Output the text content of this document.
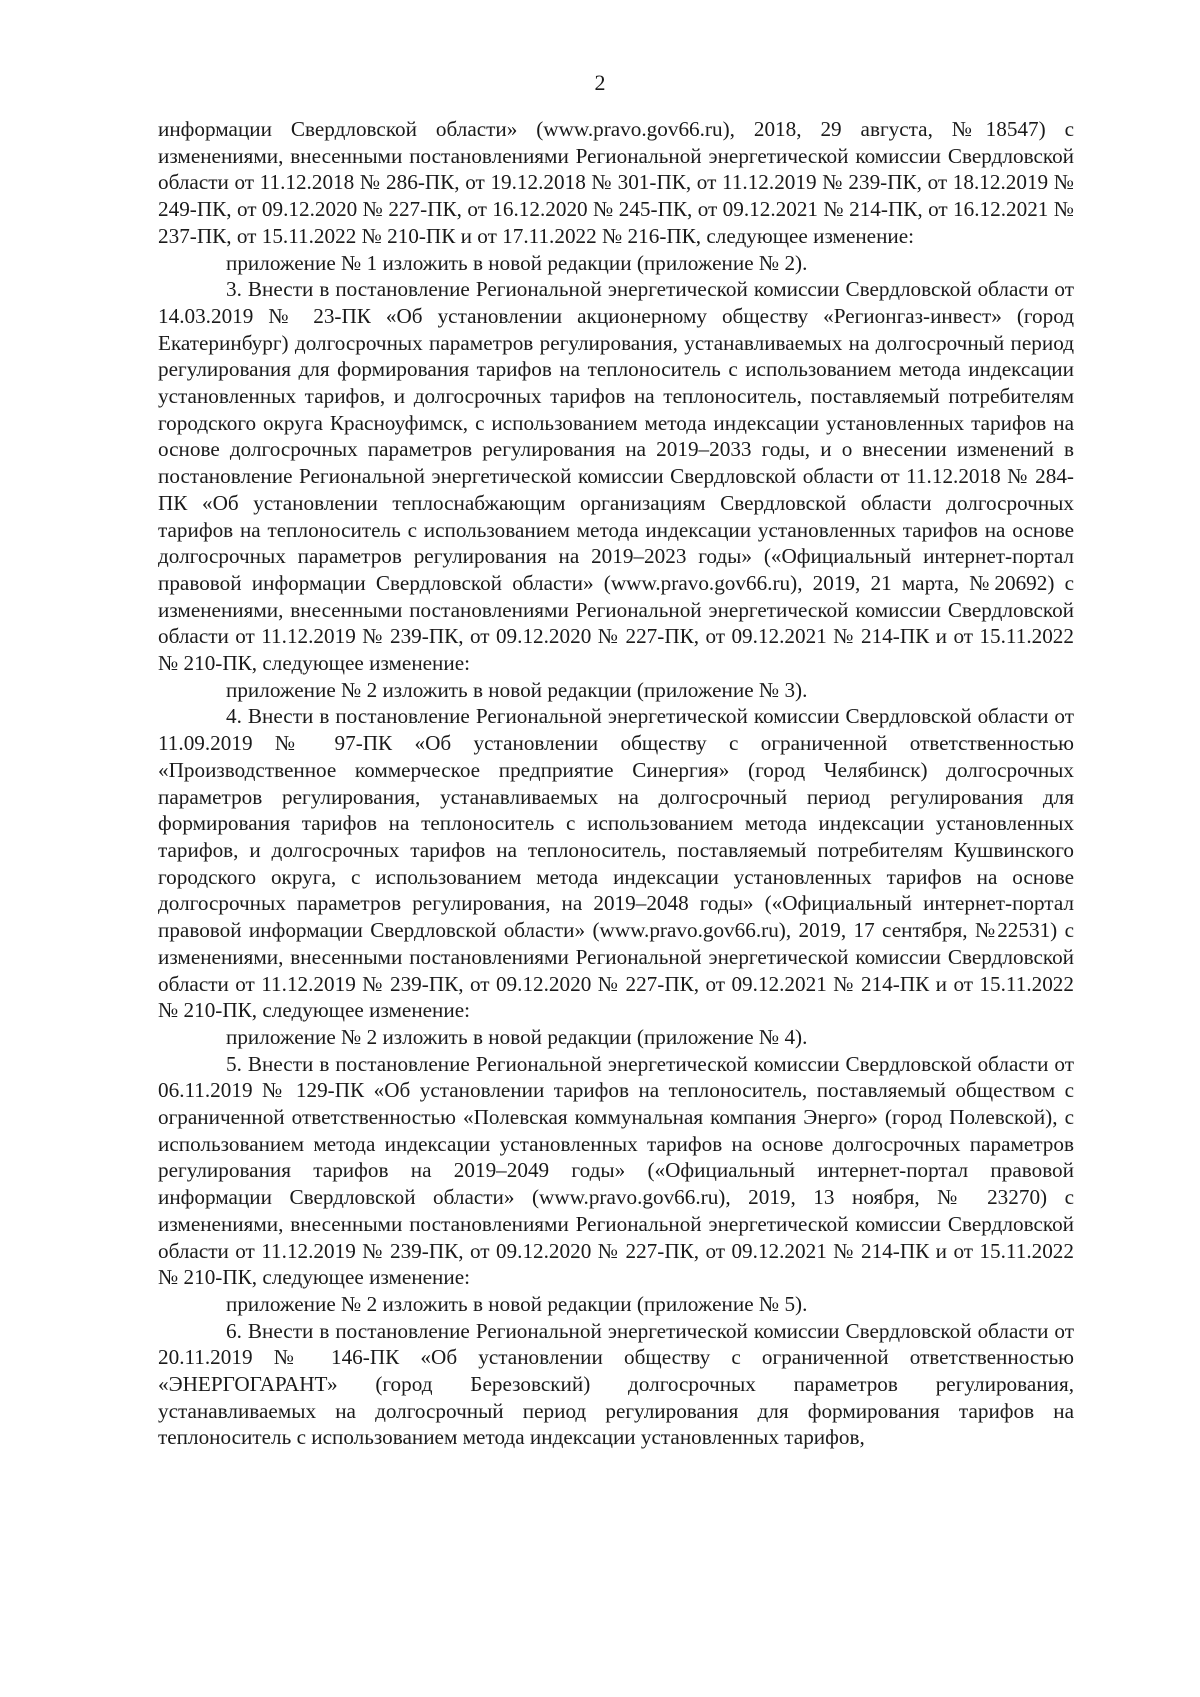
2

информации Свердловской области» (www.pravo.gov66.ru), 2018, 29 августа, №18547) с изменениями, внесенными постановлениями Региональной энергетической комиссии Свердловской области от 11.12.2018 № 286-ПК, от 19.12.2018 № 301-ПК, от 11.12.2019 № 239-ПК, от 18.12.2019 № 249-ПК, от 09.12.2020 № 227-ПК, от 16.12.2020 № 245-ПК, от 09.12.2021 № 214-ПК, от 16.12.2021 № 237-ПК, от 15.11.2022 № 210-ПК и от 17.11.2022 № 216-ПК, следующее изменение:

приложение № 1 изложить в новой редакции (приложение № 2).

3. Внести в постановление Региональной энергетической комиссии Свердловской области от 14.03.2019 № 23-ПК «Об установлении акционерному обществу «Регионгаз-инвест» (город Екатеринбург) долгосрочных параметров регулирования, устанавливаемых на долгосрочный период регулирования для формирования тарифов на теплоноситель с использованием метода индексации установленных тарифов, и долгосрочных тарифов на теплоноситель, поставляемый потребителям городского округа Красноуфимск, с использованием метода индексации установленных тарифов на основе долгосрочных параметров регулирования на 2019–2033 годы, и о внесении изменений в постановление Региональной энергетической комиссии Свердловской области от 11.12.2018 № 284-ПК «Об установлении теплоснабжающим организациям Свердловской области долгосрочных тарифов на теплоноситель с использованием метода индексации установленных тарифов на основе долгосрочных параметров регулирования на 2019–2023 годы» («Официальный интернет-портал правовой информации Свердловской области» (www.pravo.gov66.ru), 2019, 21 марта, №20692) с изменениями, внесенными постановлениями Региональной энергетической комиссии Свердловской области от 11.12.2019 № 239-ПК, от 09.12.2020 № 227-ПК, от 09.12.2021 № 214-ПК и от 15.11.2022 № 210-ПК, следующее изменение:

приложение № 2 изложить в новой редакции (приложение № 3).

4. Внести в постановление Региональной энергетической комиссии Свердловской области от 11.09.2019 № 97-ПК «Об установлении обществу с ограниченной ответственностью «Производственное коммерческое предприятие Синергия» (город Челябинск) долгосрочных параметров регулирования, устанавливаемых на долгосрочный период регулирования для формирования тарифов на теплоноситель с использованием метода индексации установленных тарифов, и долгосрочных тарифов на теплоноситель, поставляемый потребителям Кушвинского городского округа, с использованием метода индексации установленных тарифов на основе долгосрочных параметров регулирования, на 2019–2048 годы» («Официальный интернет-портал правовой информации Свердловской области» (www.pravo.gov66.ru), 2019, 17 сентября, №22531) с изменениями, внесенными постановлениями Региональной энергетической комиссии Свердловской области от 11.12.2019 № 239-ПК, от 09.12.2020 № 227-ПК, от 09.12.2021 № 214-ПК и от 15.11.2022 № 210-ПК, следующее изменение:

приложение № 2 изложить в новой редакции (приложение № 4).

5. Внести в постановление Региональной энергетической комиссии Свердловской области от 06.11.2019 № 129-ПК «Об установлении тарифов на теплоноситель, поставляемый обществом с ограниченной ответственностью «Полевская коммунальная компания Энерго» (город Полевской), с использованием метода индексации установленных тарифов на основе долгосрочных параметров регулирования тарифов на 2019–2049 годы» («Официальный интернет-портал правовой информации Свердловской области» (www.pravo.gov66.ru), 2019, 13 ноября, № 23270) с изменениями, внесенными постановлениями Региональной энергетической комиссии Свердловской области от 11.12.2019 № 239-ПК, от 09.12.2020 № 227-ПК, от 09.12.2021 № 214-ПК и от 15.11.2022 № 210-ПК, следующее изменение:

приложение № 2 изложить в новой редакции (приложение № 5).

6. Внести в постановление Региональной энергетической комиссии Свердловской области от 20.11.2019 № 146-ПК «Об установлении обществу с ограниченной ответственностью «ЭНЕРГОГАРАНТ» (город Березовский) долгосрочных параметров регулирования, устанавливаемых на долгосрочный период регулирования для формирования тарифов на теплоноситель с использованием метода индексации установленных тарифов,
